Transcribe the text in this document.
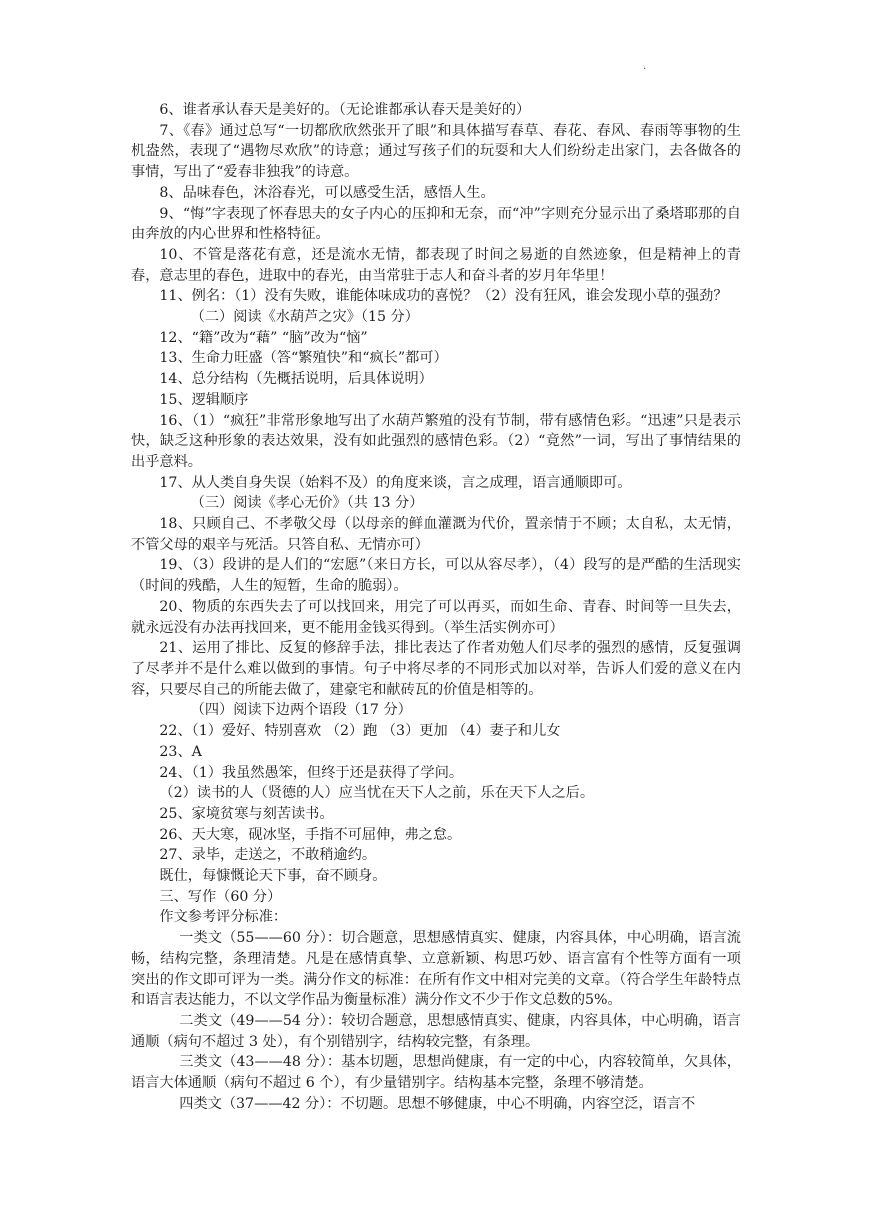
·

6、谁者承认春天是美好的。（无论谁都承认春天是美好的）

7、《春》通过总写“一切都欣欣然张开了眼”和具体描写春草、春花、春风、春雨等事物的生机盎然，表现了“遇物尽欢欣”的诗意；通过写孩子们的玩耍和大人们纷纷走出家门，去各做各的事情，写出了“爱春非独我”的诗意。

8、品味春色，沐浴春光，可以感受生活，感悟人生。

9、“悔”字表现了怀春思夫的女子内心的压抑和无奈，而“冲”字则充分显示出了桑塔耶那的自由奔放的内心世界和性格特征。

10、不管是落花有意，还是流水无情，都表现了时间之易逝的自然迹象，但是精神上的青春，意志里的春色，进取中的春光，由当常驻于志人和奋斗者的岁月年华里！

11、例名：（1）没有失败，谁能体味成功的喜悦？（2）没有狂风，谁会发现小草的强劲？

（二）阅读《水葫芦之灾》（15 分）

12、“籍”改为“藉” “脑”改为“恼”

13、生命力旺盛（答“繁殖快”和“疯长”都可）

14、总分结构（先概括说明，后具体说明）

15、逻辑顺序

16、（1）“疯狂”非常形象地写出了水葫芦繁殖的没有节制，带有感情色彩。“迅速”只是表示快，缺乏这种形象的表达效果，没有如此强烈的感情色彩。（2）“竟然”一词，写出了事情结果的出乎意料。

17、从人类自身失误（始料不及）的角度来谈，言之成理，语言通顺即可。

（三）阅读《孝心无价》（共 13 分）

18、只顾自己、不孝敬父母（以母亲的鲜血灌溉为代价，置亲情于不顾；太自私，太无情，不管父母的艰辛与死活。只答自私、无情亦可）

19、（3）段讲的是人们的“宏愿”（来日方长，可以从容尽孝），（4）段写的是严酷的生活现实（时间的残酷，人生的短暂，生命的脆弱）。

20、物质的东西失去了可以找回来，用完了可以再买，而如生命、青春、时间等一旦失去，就永远没有办法再找回来，更不能用金钱买得到。（举生活实例亦可）

21、运用了排比、反复的修辞手法，排比表达了作者劝勉人们尽孝的强烈的感情，反复强调了尽孝并不是什么难以做到的事情。句子中将尽孝的不同形式加以对举，告诉人们爱的意义在内容，只要尽自己的所能去做了，建豪宅和献砖瓦的价值是相等的。

（四）阅读下边两个语段（17 分）

22、（1）爱好、特别喜欢 （2）跑 （3）更加 （4）妻子和儿女

23、A

24、（1）我虽然愚笨，但终于还是获得了学问。

（2）读书的人（贤德的人）应当忧在天下人之前，乐在天下人之后。

25、家境贫寒与刻苦读书。

26、天大寒，砚冰坚，手指不可屈伸，弗之怠。

27、录毕，走送之，不敢稍逾约。

既仕，每慷慨论天下事，奋不顾身。

三、写作（60 分）

作文参考评分标准：

一类文（55——60 分）：切合题意，思想感情真实、健康，内容具体，中心明确，语言流畅，结构完整，条理清楚。凡是在感情真挚、立意新颖、构思巧妙、语言富有个性等方面有一项突出的作文即可评为一类。满分作文的标准：在所有作文中相对完美的文章。（符合学生年龄特点和语言表达能力，不以文学作品为衡量标准）满分作文不少于作文总数的5%。

二类文（49——54 分）：较切合题意，思想感情真实、健康，内容具体，中心明确，语言通顺（病句不超过 3 处），有个别错别字，结构较完整，有条理。

三类文（43——48 分）：基本切题，思想尚健康，有一定的中心，内容较简单，欠具体，语言大体通顺（病句不超过 6 个），有少量错别字。结构基本完整，条理不够清楚。

四类文（37——42 分）：不切题。思想不够健康，中心不明确，内容空泛，语言不
